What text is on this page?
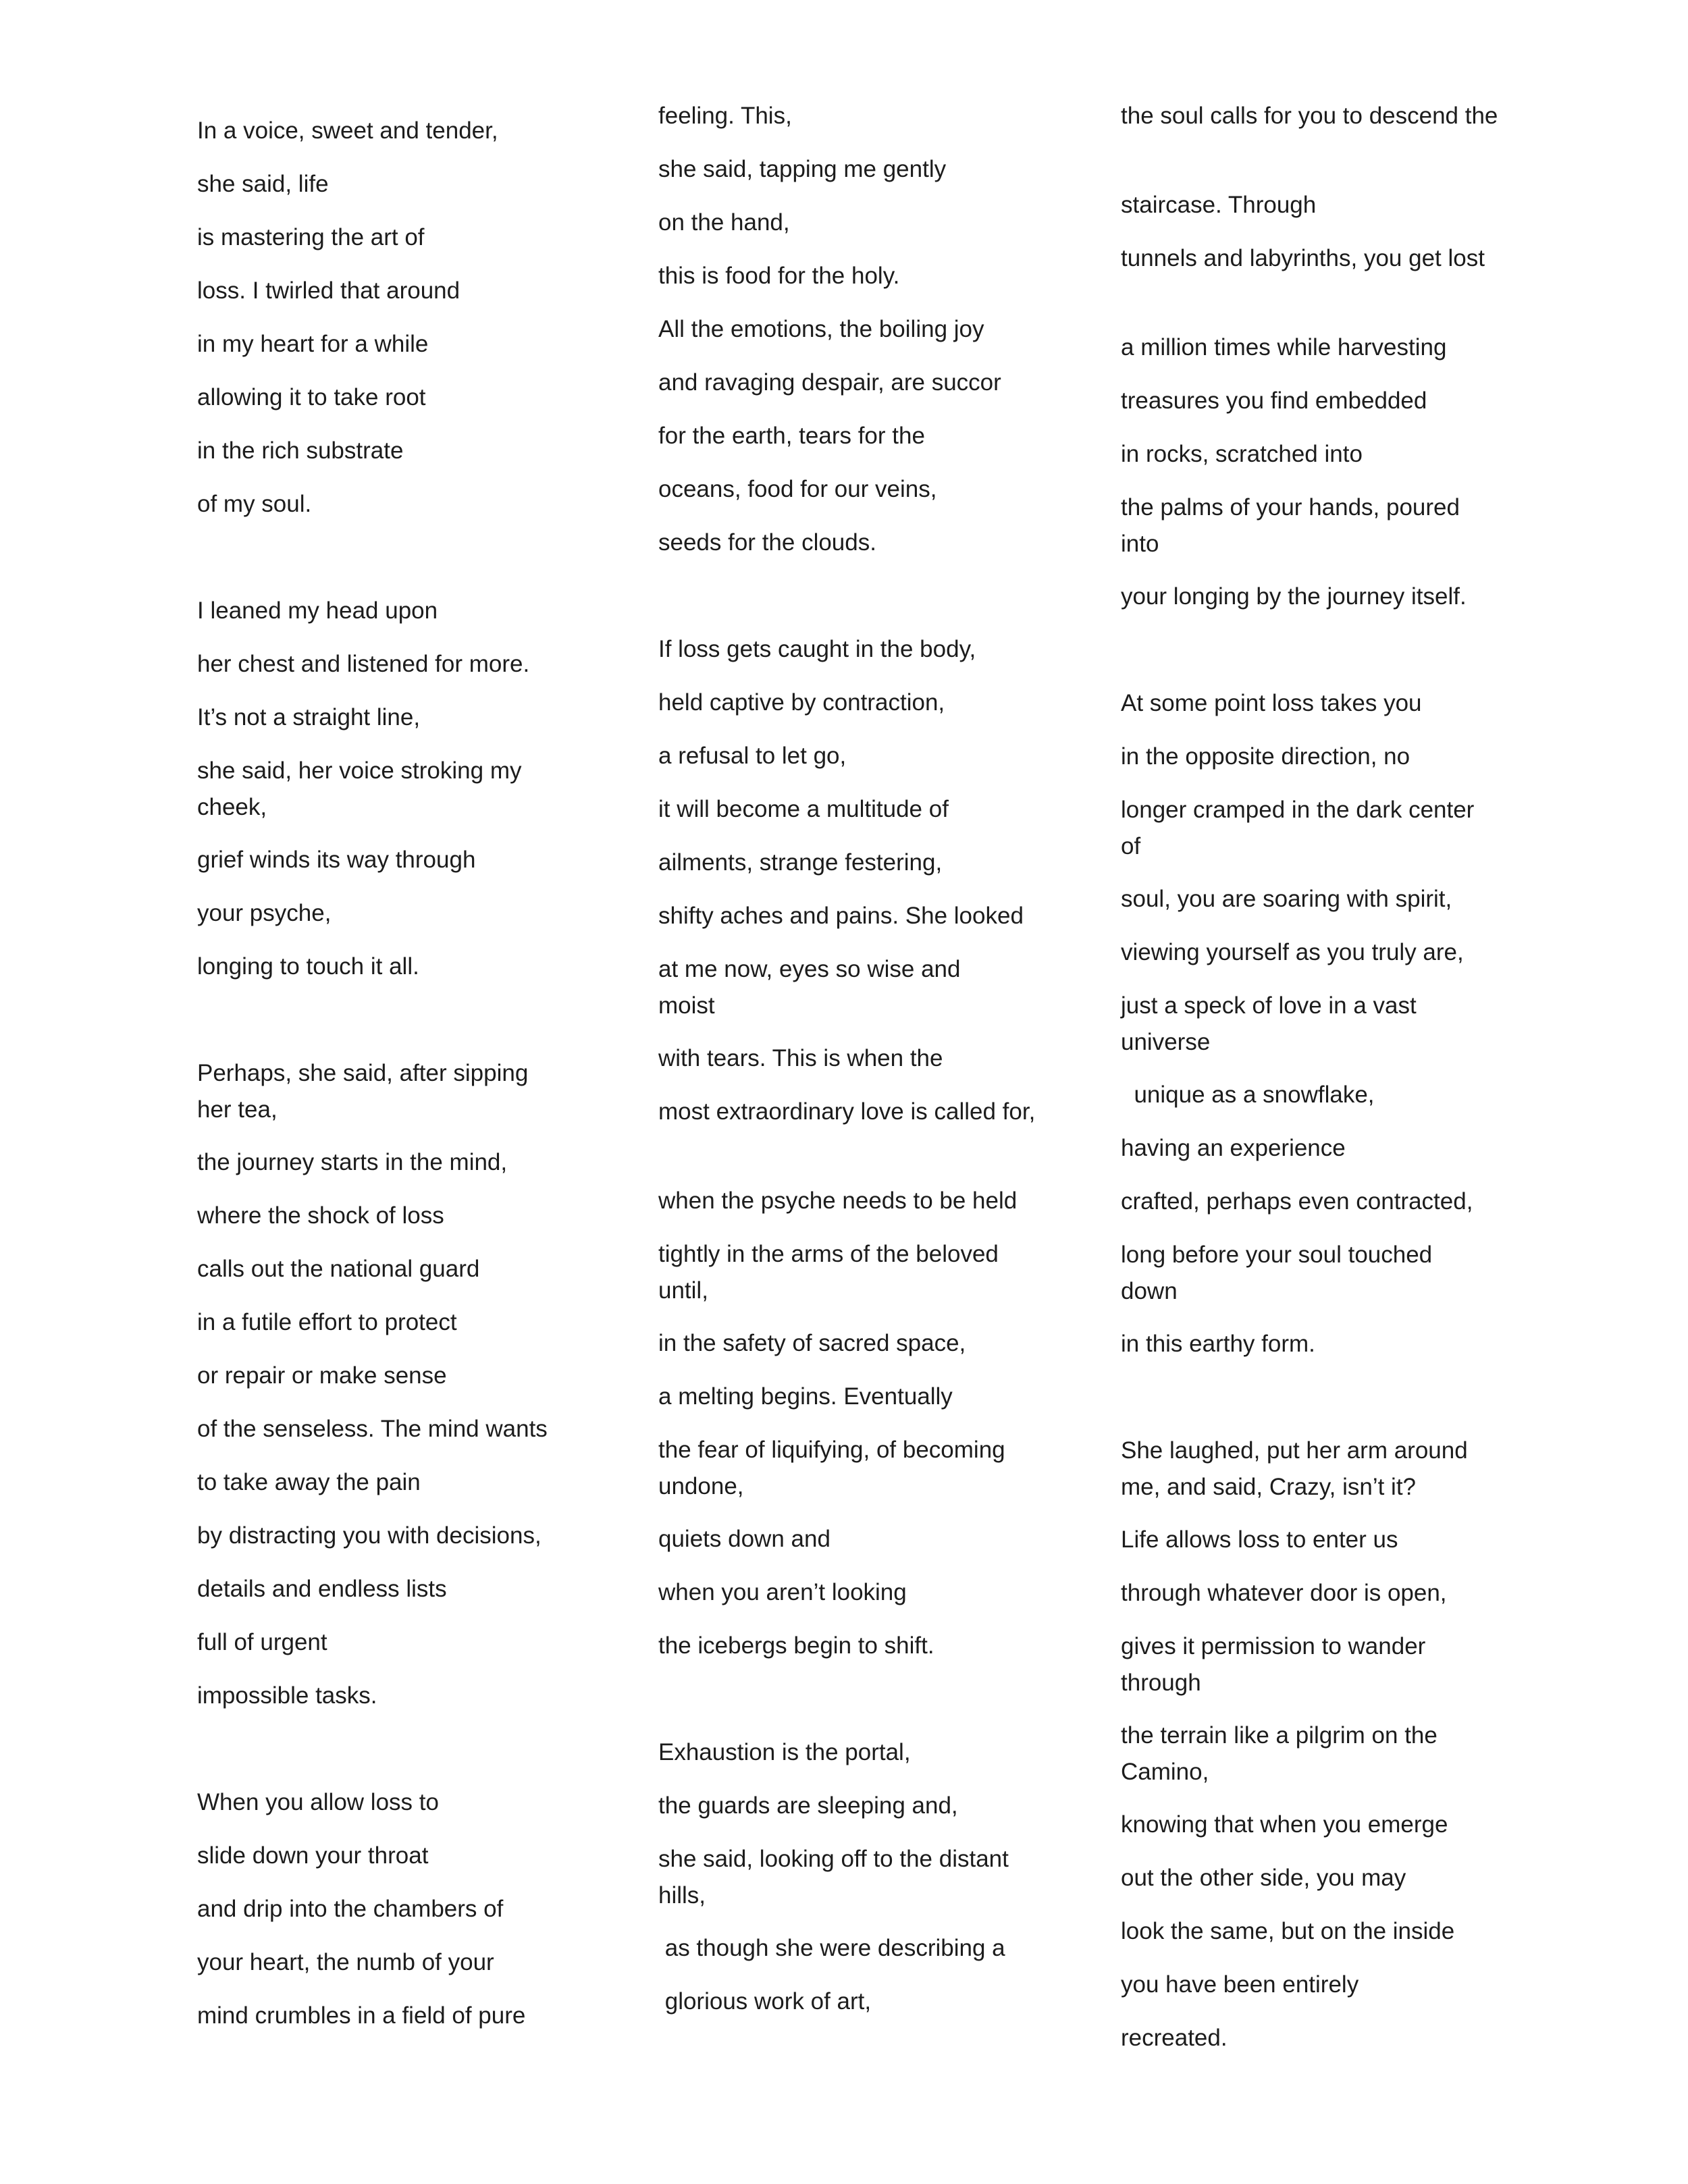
In a voice, sweet and tender,
she said, life
is mastering the art of
loss. I twirled that around
in my heart for a while
allowing it to take root
in the rich substrate
of my soul.
I leaned my head upon
her chest and listened for more.
It’s not a straight line,
she said, her voice stroking my cheek,
grief winds its way through
your psyche,
longing to touch it all.
Perhaps, she said, after sipping her tea,
the journey starts in the mind,
where the shock of loss
calls out the national guard
in a futile effort to protect
or repair or make sense
of the senseless. The mind wants
to take away the pain
by distracting you with decisions,
details and endless lists
full of urgent
impossible tasks.
When you allow loss to
slide down your throat
and drip into the chambers of
your heart, the numb of your
mind crumbles in a field of pure
feeling. This,
she said, tapping me gently
on the hand,
this is food for the holy.
All the emotions, the boiling joy
and ravaging despair, are succor
for the earth, tears for the
oceans, food for our veins,
seeds for the clouds.
If loss gets caught in the body,
held captive by contraction,
a refusal to let go,
it will become a multitude of
ailments, strange festering,
shifty aches and pains. She looked
at me now, eyes so wise and moist
with tears. This is when the
most extraordinary love is called for,
when the psyche needs to be held
tightly in the arms of the beloved until,
in the safety of sacred space,
a melting begins. Eventually
the fear of liquifying, of becoming undone,
quiets down and
when you aren’t looking
the icebergs begin to shift.
Exhaustion is the portal,
the guards are sleeping and,
she said, looking off to the distant hills,
as though she were describing a
glorious work of art,
the soul calls for you to descend the
staircase. Through
tunnels and labyrinths, you get lost
a million times while harvesting
treasures you find embedded
in rocks, scratched into
the palms of your hands, poured into
your longing by the journey itself.
At some point loss takes you
in the opposite direction, no
longer cramped in the dark center of
soul, you are soaring with spirit,
viewing yourself as you truly are,
just a speck of love in a vast universe
unique as a snowflake,
having an experience
crafted, perhaps even contracted,
long before your soul touched down
in this earthy form.
She laughed, put her arm around me, and said, Crazy, isn’t it?
Life allows loss to enter us
through whatever door is open,
gives it permission to wander through
the terrain like a pilgrim on the Camino,
knowing that when you emerge
out the other side, you may
look the same, but on the inside
you have been entirely
recreated.
